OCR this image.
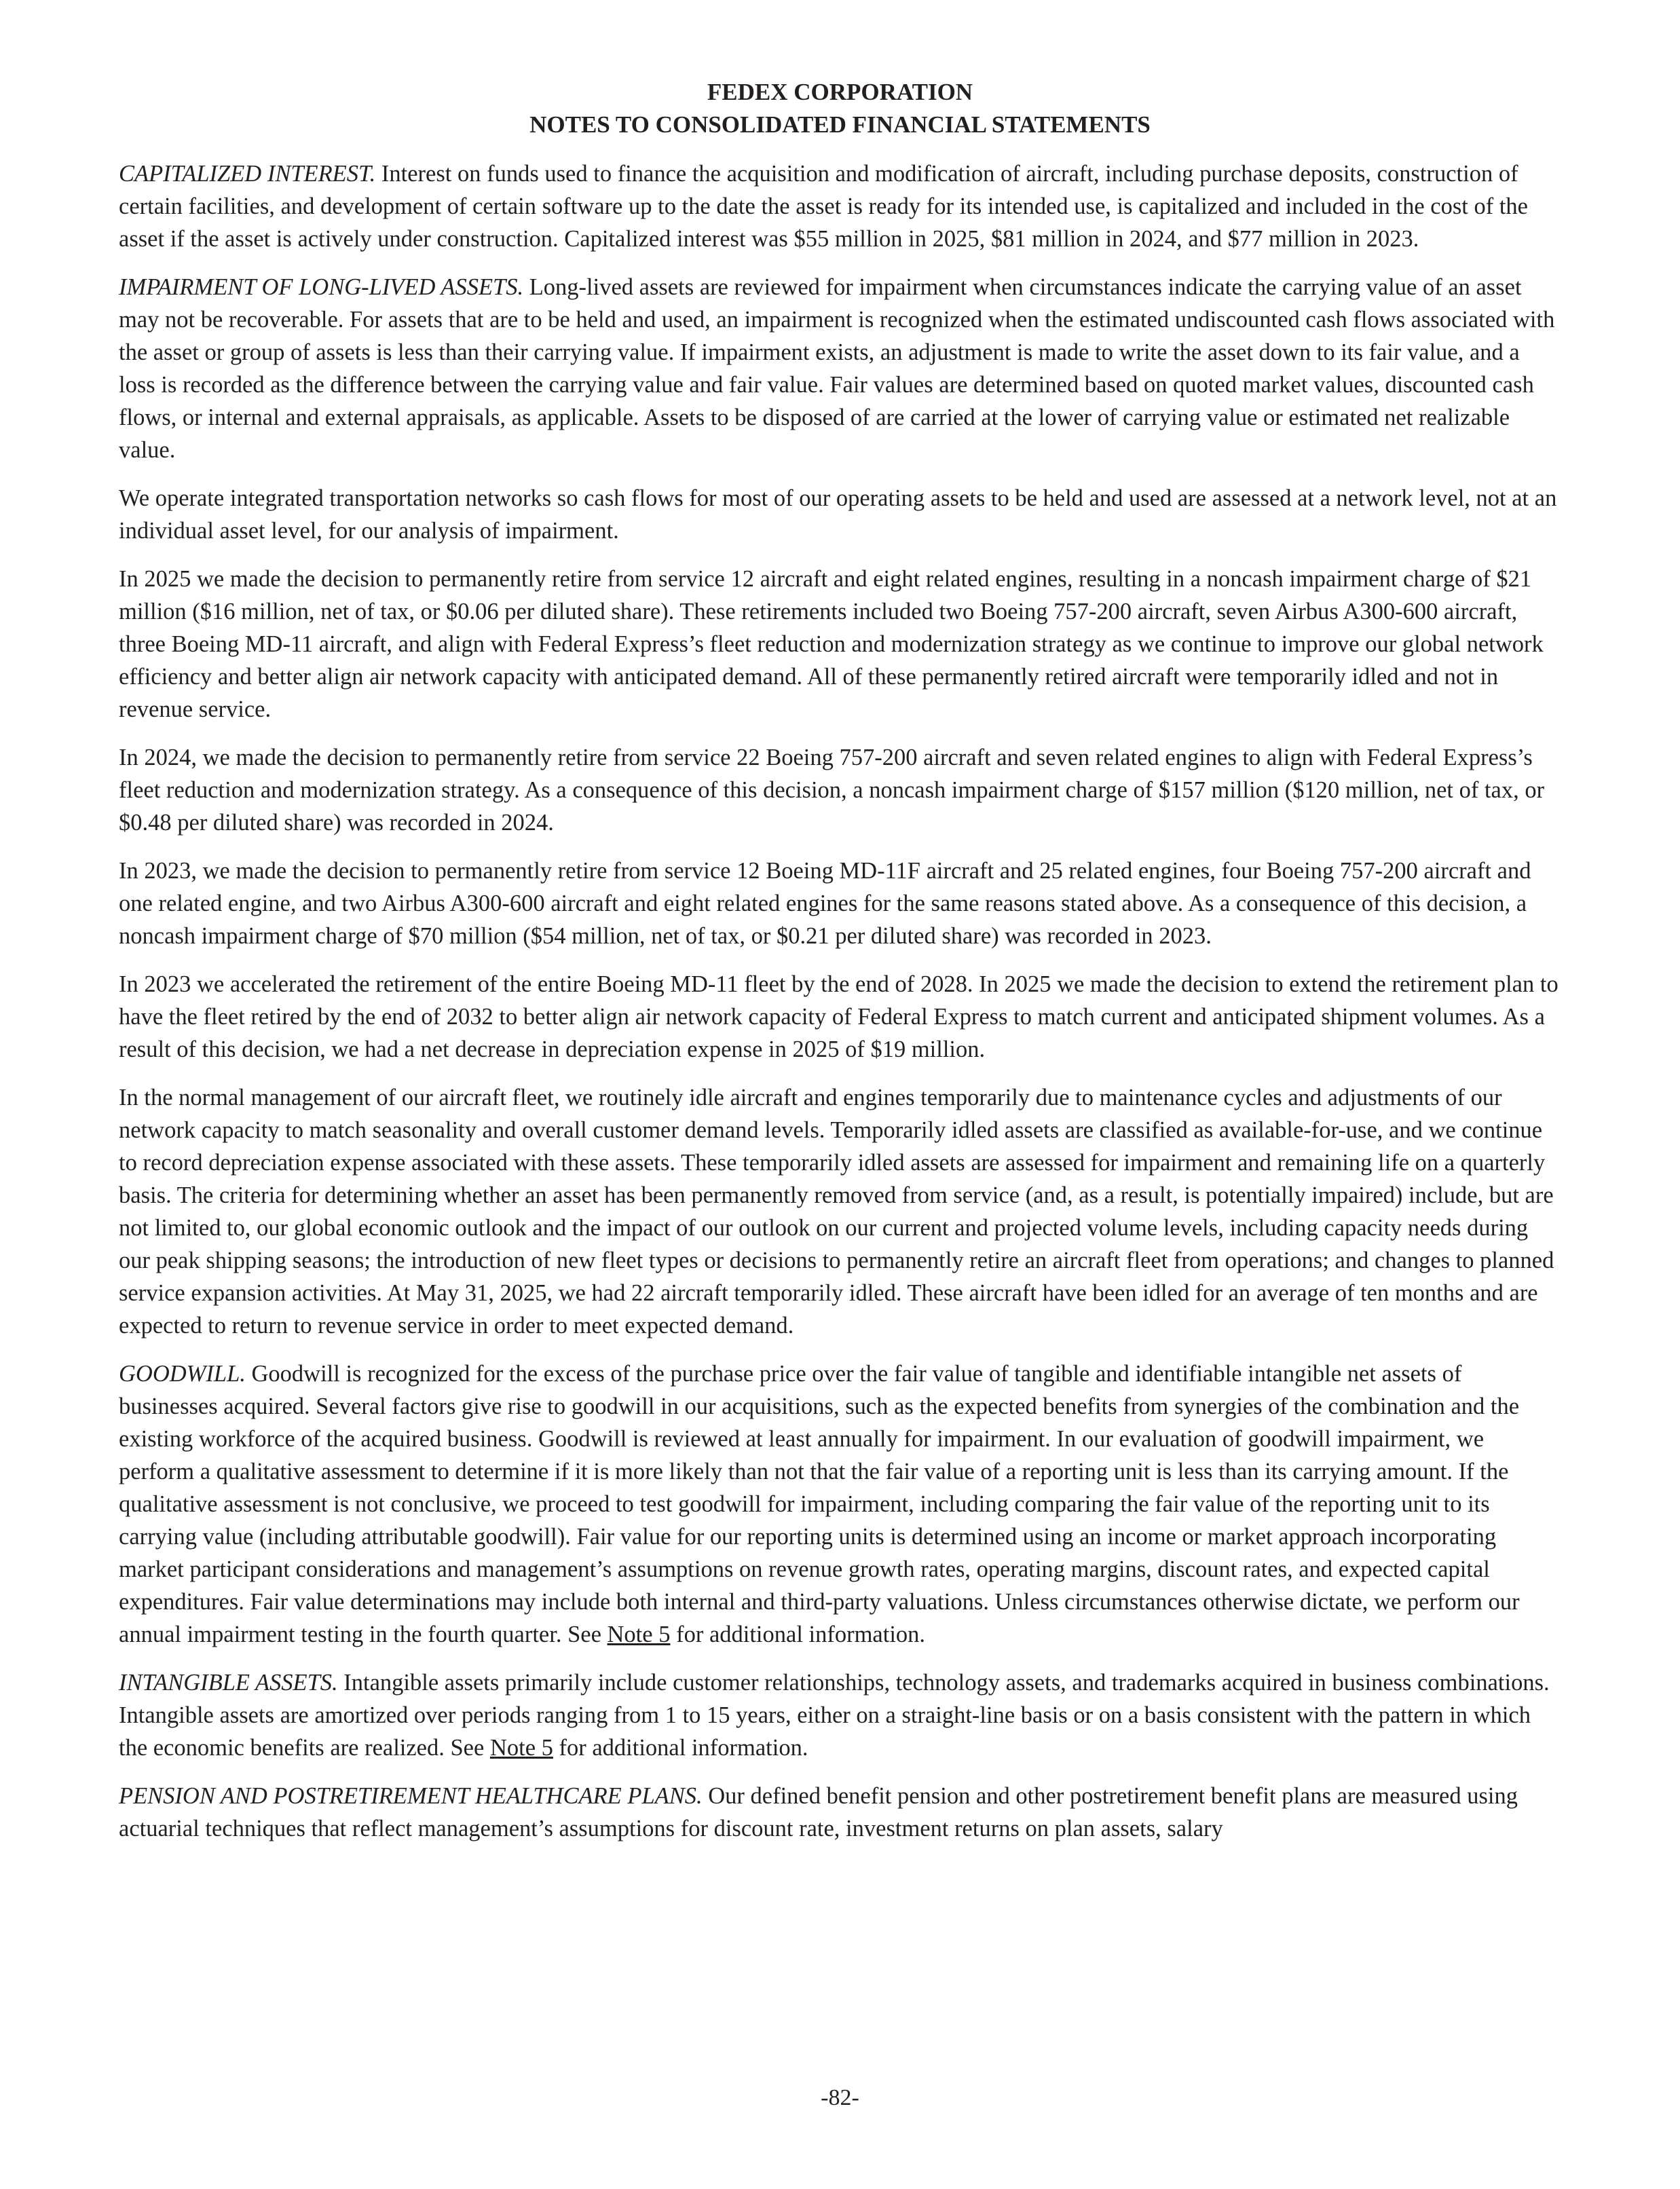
FEDEX CORPORATION
NOTES TO CONSOLIDATED FINANCIAL STATEMENTS

CAPITALIZED INTEREST. Interest on funds used to finance the acquisition and modification of aircraft, including purchase deposits, construction of certain facilities, and development of certain software up to the date the asset is ready for its intended use, is capitalized and included in the cost of the asset if the asset is actively under construction. Capitalized interest was $55 million in 2025, $81 million in 2024, and $77 million in 2023.

IMPAIRMENT OF LONG-LIVED ASSETS. Long-lived assets are reviewed for impairment when circumstances indicate the carrying value of an asset may not be recoverable. For assets that are to be held and used, an impairment is recognized when the estimated undiscounted cash flows associated with the asset or group of assets is less than their carrying value. If impairment exists, an adjustment is made to write the asset down to its fair value, and a loss is recorded as the difference between the carrying value and fair value. Fair values are determined based on quoted market values, discounted cash flows, or internal and external appraisals, as applicable. Assets to be disposed of are carried at the lower of carrying value or estimated net realizable value.

We operate integrated transportation networks so cash flows for most of our operating assets to be held and used are assessed at a network level, not at an individual asset level, for our analysis of impairment.

In 2025 we made the decision to permanently retire from service 12 aircraft and eight related engines, resulting in a noncash impairment charge of $21 million ($16 million, net of tax, or $0.06 per diluted share). These retirements included two Boeing 757-200 aircraft, seven Airbus A300-600 aircraft, three Boeing MD-11 aircraft, and align with Federal Express’s fleet reduction and modernization strategy as we continue to improve our global network efficiency and better align air network capacity with anticipated demand. All of these permanently retired aircraft were temporarily idled and not in revenue service.

In 2024, we made the decision to permanently retire from service 22 Boeing 757-200 aircraft and seven related engines to align with Federal Express’s fleet reduction and modernization strategy. As a consequence of this decision, a noncash impairment charge of $157 million ($120 million, net of tax, or $0.48 per diluted share) was recorded in 2024.

In 2023, we made the decision to permanently retire from service 12 Boeing MD-11F aircraft and 25 related engines, four Boeing 757-200 aircraft and one related engine, and two Airbus A300-600 aircraft and eight related engines for the same reasons stated above. As a consequence of this decision, a noncash impairment charge of $70 million ($54 million, net of tax, or $0.21 per diluted share) was recorded in 2023.

In 2023 we accelerated the retirement of the entire Boeing MD-11 fleet by the end of 2028. In 2025 we made the decision to extend the retirement plan to have the fleet retired by the end of 2032 to better align air network capacity of Federal Express to match current and anticipated shipment volumes. As a result of this decision, we had a net decrease in depreciation expense in 2025 of $19 million.

In the normal management of our aircraft fleet, we routinely idle aircraft and engines temporarily due to maintenance cycles and adjustments of our network capacity to match seasonality and overall customer demand levels. Temporarily idled assets are classified as available-for-use, and we continue to record depreciation expense associated with these assets. These temporarily idled assets are assessed for impairment and remaining life on a quarterly basis. The criteria for determining whether an asset has been permanently removed from service (and, as a result, is potentially impaired) include, but are not limited to, our global economic outlook and the impact of our outlook on our current and projected volume levels, including capacity needs during our peak shipping seasons; the introduction of new fleet types or decisions to permanently retire an aircraft fleet from operations; and changes to planned service expansion activities. At May 31, 2025, we had 22 aircraft temporarily idled. These aircraft have been idled for an average of ten months and are expected to return to revenue service in order to meet expected demand.

GOODWILL. Goodwill is recognized for the excess of the purchase price over the fair value of tangible and identifiable intangible net assets of businesses acquired. Several factors give rise to goodwill in our acquisitions, such as the expected benefits from synergies of the combination and the existing workforce of the acquired business. Goodwill is reviewed at least annually for impairment. In our evaluation of goodwill impairment, we perform a qualitative assessment to determine if it is more likely than not that the fair value of a reporting unit is less than its carrying amount. If the qualitative assessment is not conclusive, we proceed to test goodwill for impairment, including comparing the fair value of the reporting unit to its carrying value (including attributable goodwill). Fair value for our reporting units is determined using an income or market approach incorporating market participant considerations and management’s assumptions on revenue growth rates, operating margins, discount rates, and expected capital expenditures. Fair value determinations may include both internal and third-party valuations. Unless circumstances otherwise dictate, we perform our annual impairment testing in the fourth quarter. See Note 5 for additional information.

INTANGIBLE ASSETS. Intangible assets primarily include customer relationships, technology assets, and trademarks acquired in business combinations. Intangible assets are amortized over periods ranging from 1 to 15 years, either on a straight-line basis or on a basis consistent with the pattern in which the economic benefits are realized. See Note 5 for additional information.

PENSION AND POSTRETIREMENT HEALTHCARE PLANS. Our defined benefit pension and other postretirement benefit plans are measured using actuarial techniques that reflect management’s assumptions for discount rate, investment returns on plan assets, salary

-82-
